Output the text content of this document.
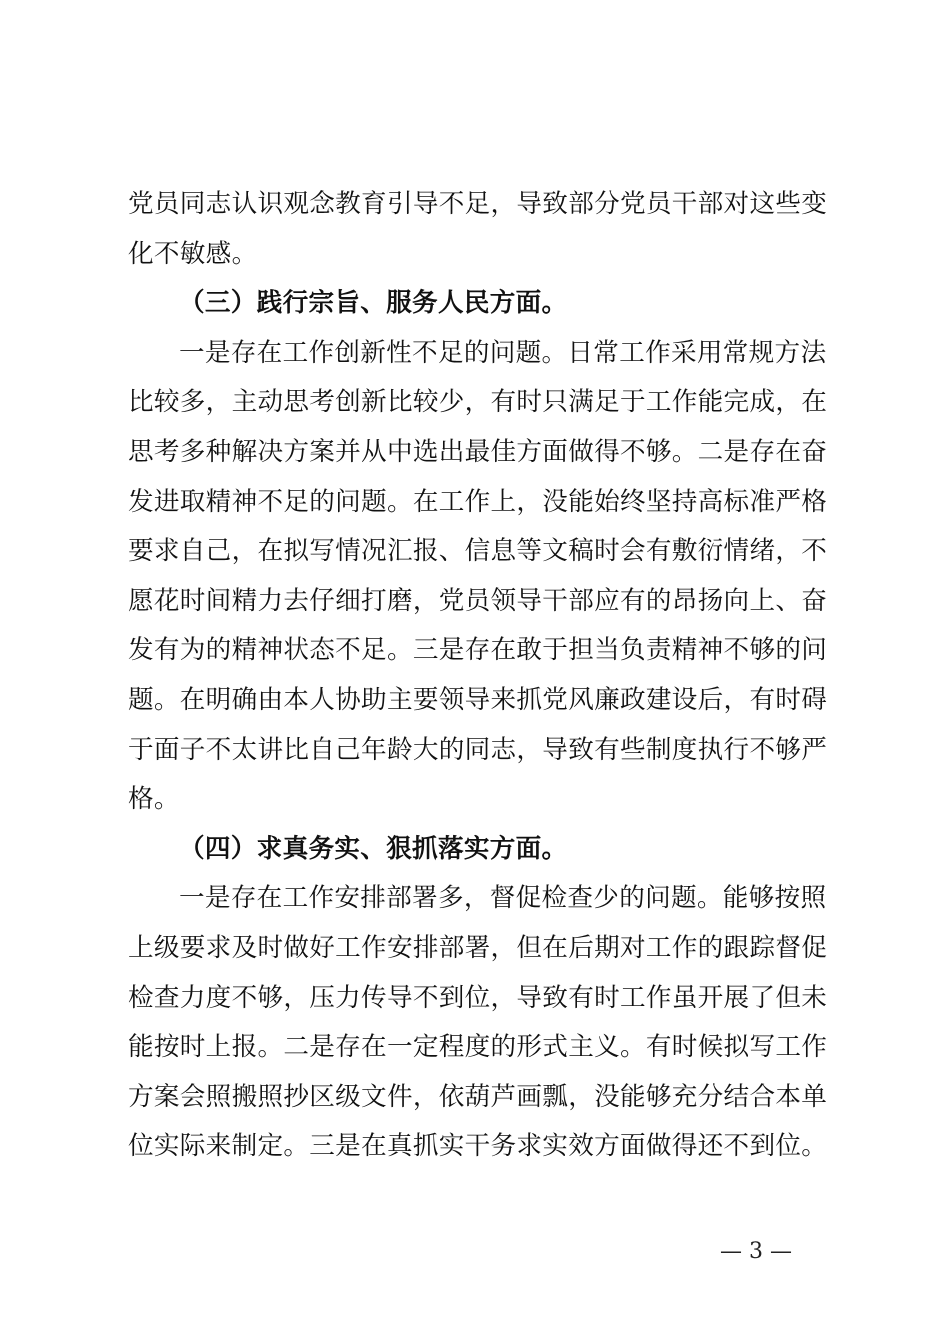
党员同志认识观念教育引导不足，导致部分党员干部对这些变
化不敏感。
（三）践行宗旨、服务人民方面。
一是存在工作创新性不足的问题。日常工作采用常规方法
比较多，主动思考创新比较少，有时只满足于工作能完成，在
思考多种解决方案并从中选出最佳方面做得不够。二是存在奋
发进取精神不足的问题。在工作上，没能始终坚持高标准严格
要求自己，在拟写情况汇报、信息等文稿时会有敷衍情绪，不
愿花时间精力去仔细打磨，党员领导干部应有的昂扬向上、奋
发有为的精神状态不足。三是存在敢于担当负责精神不够的问
题。在明确由本人协助主要领导来抓党风廉政建设后，有时碍
于面子不太讲比自己年龄大的同志，导致有些制度执行不够严
格。
（四）求真务实、狠抓落实方面。
一是存在工作安排部署多，督促检查少的问题。能够按照
上级要求及时做好工作安排部署，但在后期对工作的跟踪督促
检查力度不够，压力传导不到位，导致有时工作虽开展了但未
能按时上报。二是存在一定程度的形式主义。有时候拟写工作
方案会照搬照抄区级文件，依葫芦画瓢，没能够充分结合本单
位实际来制定。三是在真抓实干务求实效方面做得还不到位。
— 3 —
